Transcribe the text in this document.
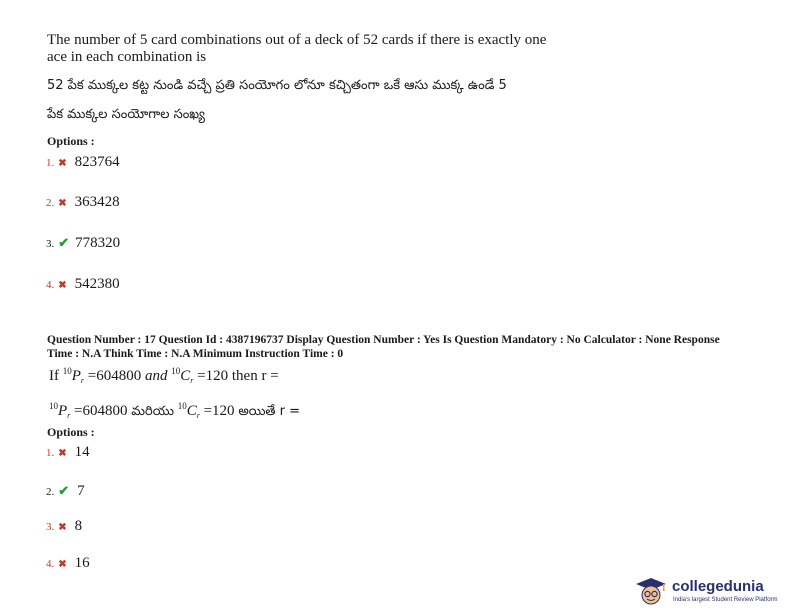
The number of 5 card combinations out of a deck of 52 cards if there is exactly one
ace in each combination is
52 పేక ముక్కల కట్ట నుండి వచ్చే ప్రతి సంయోగం లోనూ కచ్చితంగా ఒకే ఆసు ముక్క ఉండే 5
పేక ముక్కల సంయోగాల సంఖ్య
Options :
1. ✖ 823764
2. ✖ 363428
3. ✔ 778320
4. ✖ 542380
Question Number : 17 Question Id : 4387196737 Display Question Number : Yes Is Question Mandatory : No Calculator : None Response
Time : N.A Think Time : N.A Minimum Instruction Time : 0
If $^{10}P_r =604800$ and $^{10}C_r =120$ then r =
$^{10}P_r =604800$ మరియు $^{10}C_r =120$ అయితే r =
Options :
1. ✖ 14
2. ✔ 7
3. ✖ 8
4. ✖ 16
collegedunia
India's largest Student Review Platform
